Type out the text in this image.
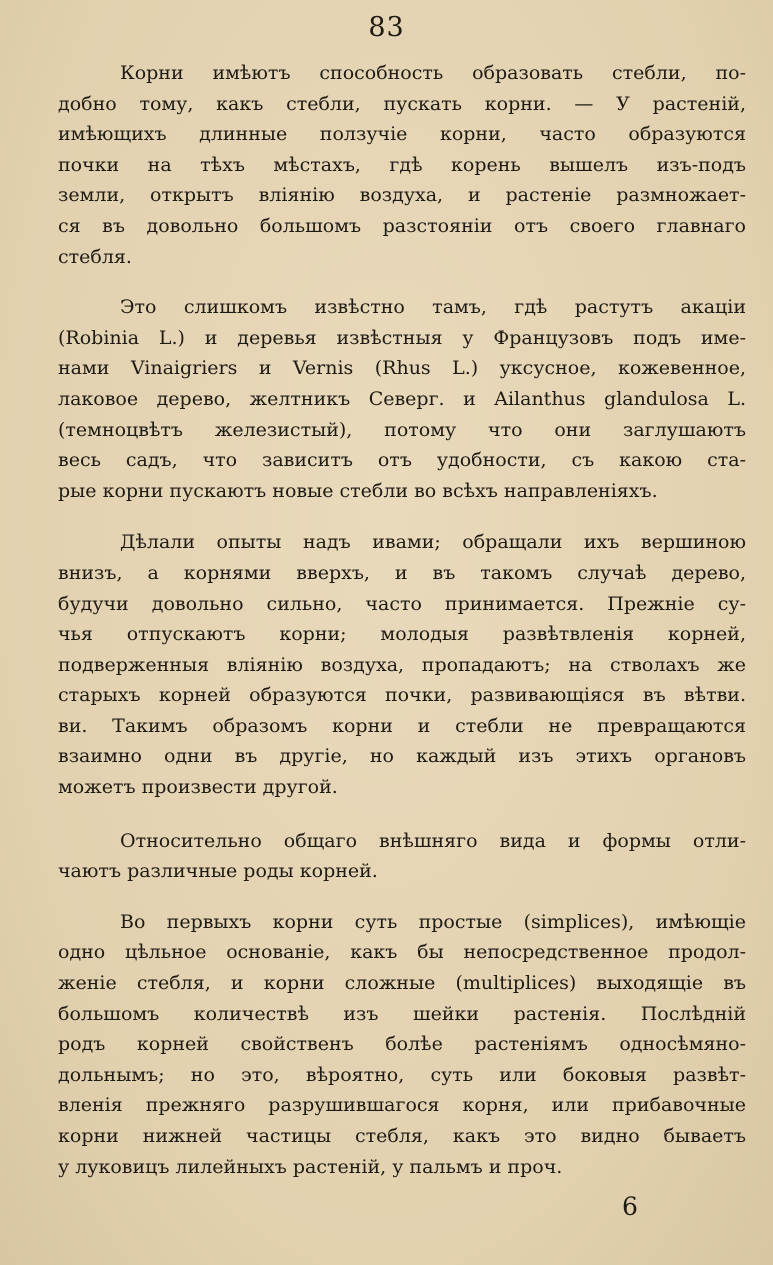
83

Корни имѣютъ способность образовать стебли, по-
добно тому, какъ стебли, пускать корни. — У растеній,
имѣющихъ длинные ползучіе корни, часто образуются
почки на тѣхъ мѣстахъ, гдѣ корень вышелъ изъ-подъ
земли, открытъ вліянію воздуха, и растеніе размножает-
ся въ довольно большомъ разстояніи отъ своего главнаго
стебля.

Это слишкомъ извѣстно тамъ, гдѣ растутъ акаціи
(Robinia L.) и деревья извѣстныя у Французовъ подъ име-
нами Vinaigriers и Vernis (Rhus L.) уксусное, кожевенное,
лаковое дерево, желтникъ Северг. и Ailanthus glandulosa L.
(темноцвѣтъ железистый), потому что они заглушаютъ
весь садъ, что зависитъ отъ удобности, съ какою ста-
рые корни пускаютъ новые стебли во всѣхъ направленіяхъ.

Дѣлали опыты надъ ивами; обращали ихъ вершиною
внизъ, а корнями вверхъ, и въ такомъ случаѣ дерево,
будучи довольно сильно, часто принимается. Прежніе су-
чья отпускаютъ корни; молодыя развѣтвленія корней,
подверженныя вліянію воздуха, пропадаютъ; на стволахъ же
старыхъ корней образуются почки, развивающіяся въ вѣтви.
ви. Такимъ образомъ корни и стебли не превращаются
взаимно одни въ другіе, но каждый изъ этихъ органовъ
можетъ произвести другой.

Относительно общаго внѣшняго вида и формы отли-
чаютъ различные роды корней.

Во первыхъ корни суть простые (simplices), имѣющіе
одно цѣльное основаніе, какъ бы непосредственное продол-
женіе стебля, и корни сложные (multiplices) выходящіе въ
большомъ количествѣ изъ шейки растенія. Послѣдній
родъ корней свойственъ болѣе растеніямъ односѣмяно-
дольнымъ; но это, вѣроятно, суть или боковыя развѣт-
вленія прежняго разрушившагося корня, или прибавочные
корни нижней частицы стебля, какъ это видно бываетъ
у луковицъ лилейныхъ растеній, у пальмъ и проч.

6
